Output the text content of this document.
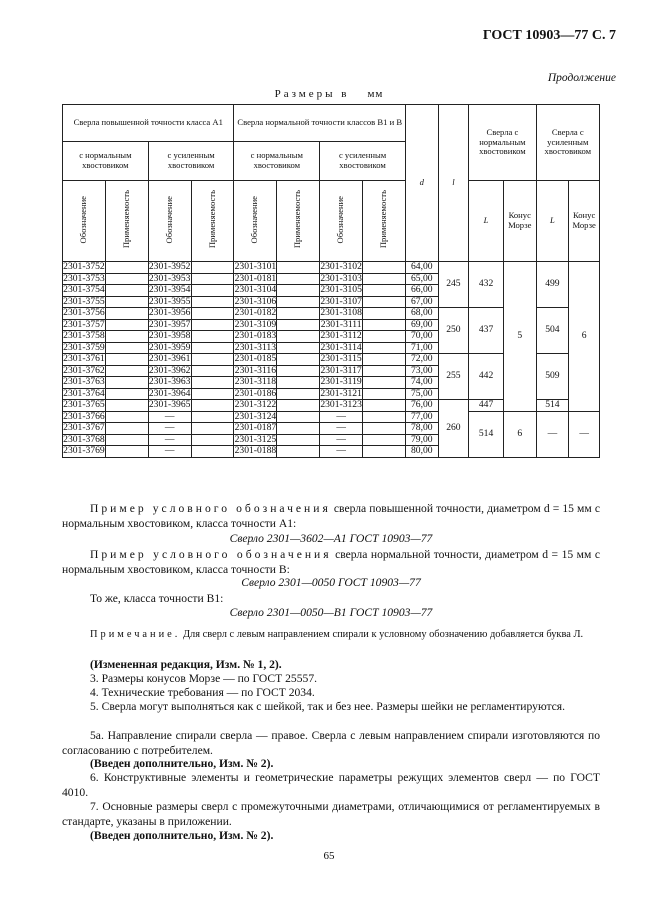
ГОСТ 10903—77 С. 7
Продолжение
Размеры в мм
Сверла повышенной точности класса А1				Сверла нормальной точности классов В1 и В				d	l	Сверла с нормальным хвостовиком		Сверла с усиленным хвостовиком	
с нормальным хвостовиком		с усиленным хвостовиком		с нормальным хвостовиком		с усиленным хвостовиком							
Обозначение	Применяемость	Обозначение	Применяемость	Обозначение	Применяемость	Обозначение	Применяемость			L	Конус Морзе	L	Конус Морзе
2301-3752		2301-3952		2301-3101		2301-3102		64,00	245	432	5	499	6
2301-3753		2301-3953		2301-0181		2301-3103		65,00					
2301-3754		2301-3954		2301-3104		2301-3105		66,00					
2301-3755		2301-3955		2301-3106		2301-3107		67,00					
2301-3756		2301-3956		2301-0182		2301-3108		68,00	250	437		504	
2301-3757		2301-3957		2301-3109		2301-3111		69,00					
2301-3758		2301-3958		2301-0183		2301-3112		70,00					
2301-3759		2301-3959		2301-3113		2301-3114		71,00					
2301-3761		2301-3961		2301-0185		2301-3115		72,00	255	442		509	
2301-3762		2301-3962		2301-3116		2301-3117		73,00					
2301-3763		2301-3963		2301-3118		2301-3119		74,00					
2301-3764		2301-3964		2301-0186		2301-3121		75,00					
2301-3765		2301-3965		2301-3122		2301-3123		76,00	260	447		514	
2301-3766		—		2301-3124		—		77,00		514	6	—	—
2301-3767		—		2301-0187		—		78,00					
2301-3768		—		2301-3125		—		79,00					
2301-3769		—		2301-0188		—		80,00					
Пример условного обозначения сверла повышенной точности, диаметром d = 15 мм с нормальным хвостовиком, класса точности А1:
Сверло 2301—3602—А1 ГОСТ 10903—77
Пример условного обозначения сверла нормальной точности, диаметром d = 15 мм с нормальным хвостовиком, класса точности В:
Сверло 2301—0050 ГОСТ 10903—77
То же, класса точности В1:
Сверло 2301—0050—В1 ГОСТ 10903—77
Примечание. Для сверл с левым направлением спирали к условному обозначению добавляется буква Л.
(Измененная редакция, Изм. № 1, 2).
3. Размеры конусов Морзе — по ГОСТ 25557.
4. Технические требования — по ГОСТ 2034.
5. Сверла могут выполняться как с шейкой, так и без нее. Размеры шейки не регламентируются.
5а. Направление спирали сверла — правое. Сверла с левым направлением спирали изготовляются по согласованию с потребителем.
(Введен дополнительно, Изм. № 2).
6. Конструктивные элементы и геометрические параметры режущих элементов сверл — по ГОСТ 4010.
7. Основные размеры сверл с промежуточными диаметрами, отличающимися от регламентируемых в стандарте, указаны в приложении.
(Введен дополнительно, Изм. № 2).
65
